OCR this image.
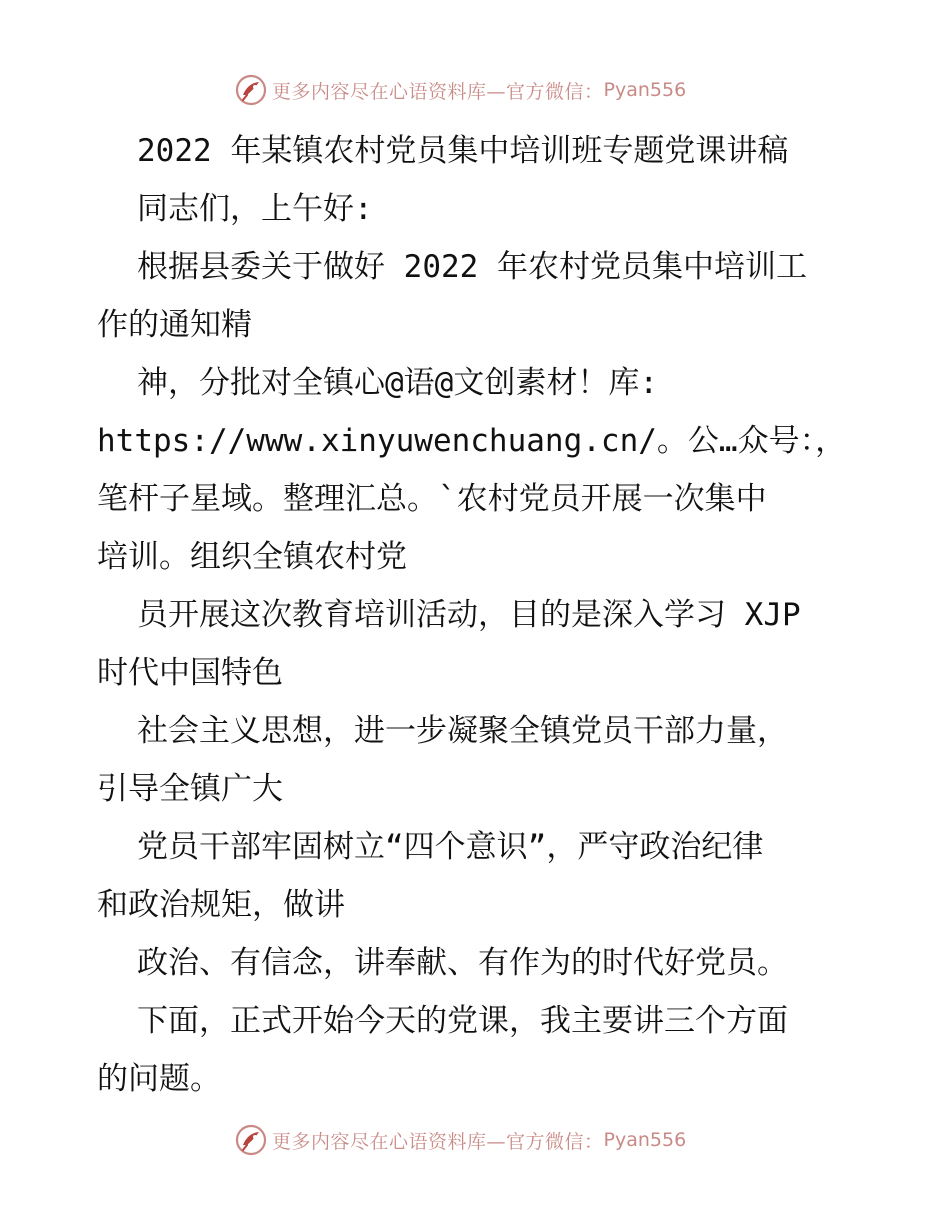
更多内容尽在心语资料库—官方微信： Pyan556
2022 年某镇农村党员集中培训班专题党课讲稿
同志们，上午好:
根据县委关于做好 2022 年农村党员集中培训工
作的通知精
神，分批对全镇心@语@文创素材！库:
https://www.xinyuwenchuang.cn/。公…众号：，
笔杆子星域。整理汇总。`农村党员开展一次集中
培训。组织全镇农村党
员开展这次教育培训活动，目的是深入学习 XJP
时代中国特色
社会主义思想，进一步凝聚全镇党员干部力量，
引导全镇广大
党员干部牢固树立“四个意识”，严守政治纪律
和政治规矩，做讲
政治、有信念，讲奉献、有作为的时代好党员。
下面，正式开始今天的党课，我主要讲三个方面
的问题。
更多内容尽在心语资料库—官方微信： Pyan556
